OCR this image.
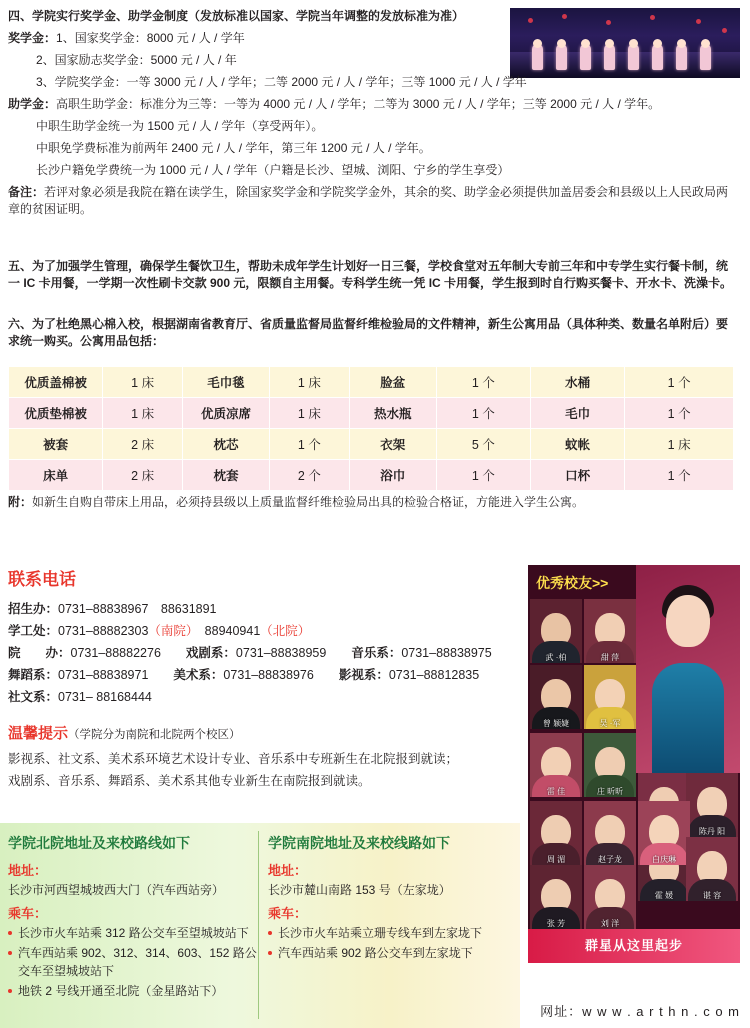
四、学院实行奖学金、助学金制度（发放标准以国家、学院当年调整的发放标准为准）
奖学金：1、国家奖学金：8000 元 / 人 / 学年
2、国家励志奖学金：5000 元 / 人 / 年
3、学院奖学金：一等 3000 元 / 人 / 学年；二等 2000 元 / 人 / 学年；三等 1000 元 / 人 / 学年
助学金：高职生助学金：标准分为三等：一等为 4000 元 / 人 / 学年；二等为 3000 元 / 人 / 学年；三等 2000 元 / 人 / 学年。
中职生助学金统一为 1500 元 / 人 / 学年（享受两年）。
中职免学费标准为前两年 2400 元 / 人 / 学年，第三年 1200 元 / 人 / 学年。
长沙户籍免学费统一为 1000 元 / 人 / 学年（户籍是长沙、望城、浏阳、宁乡的学生享受）
备注：若评对象必须是我院在籍在读学生，除国家奖学金和学院奖学金外，其余的奖、助学金必须提供加盖居委会和县级以上人民政局两章的贫困证明。
五、为了加强学生管理，确保学生餐饮卫生，帮助未成年学生计划好一日三餐，学校食堂对五年制大专前三年和中专学生实行餐卡制，统一 IC 卡用餐，一学期一次性刷卡交款 900 元，限额自主用餐。专科学生统一凭 IC 卡用餐，学生报到时自行购买餐卡、开水卡、洗澡卡。
六、为了杜绝黑心棉入校，根据湖南省教育厅、省质量监督局监督纤维检验局的文件精神，新生公寓用品（具体种类、数量名单附后）要求统一购买。公寓用品包括：
优质盖棉被	1 床	毛巾毯	1 床	脸盆	1 个	水桶	1 个
优质垫棉被	1 床	优质凉席	1 床	热水瓶	1 个	毛巾	1 个
被套	2 床	枕芯	1 个	衣架	5 个	蚊帐	1 床
床单	2 床	枕套	2 个	浴巾	1 个	口杯	1 个
附：如新生自购自带床上用品，必须持县级以上质量监督纤维检验局出具的检验合格证，方能进入学生公寓。
联系电话
招生办：0731–88838967　88631891
学工处：0731–88882303（南院）　 88940941（北院）
院　　办：0731–88882276　　 戏剧系：0731–88838959　　 音乐系：0731–88838975
舞蹈系：0731–88838971　　 美术系：0731–88838976　　 影视系：0731–88812835
社文系：0731– 88168444
温馨提示（学院分为南院和北院两个校区）
影视系、社文系、美术系环境艺术设计专业、音乐系中专班新生在北院报到就读；
戏剧系、音乐系、舞蹈系、美术系其他专业新生在南院报到就读。
学院北院地址及来校路线如下
地址：
长沙市河西望城坡西大门（汽车西站旁）
乘车：
长沙市火车站乘 312 路公交车至望城坡站下
汽车西站乘 902、312、314、603、152 路公交车至望城坡站下
地铁 2 号线开通至北院（金星路站下）
学院南院地址及来校线路如下
地址：
长沙市麓山南路 153 号（左家垅）
乘车：
长沙市火车站乘立珊专线车到左家垅下
汽车西站乘 902 路公交车到左家垅下
优秀校友>>
武 ·柏	甜 萍
曾 颖婕	吴 ·军
雷 佳	庄 昕昕
霍 媛
陈丹 阳
周 湄	赵子龙	白庆琳
谌 容
张 芳	刘 洋
群星从这里起步
网址：w w w . a r t h n . c o m
